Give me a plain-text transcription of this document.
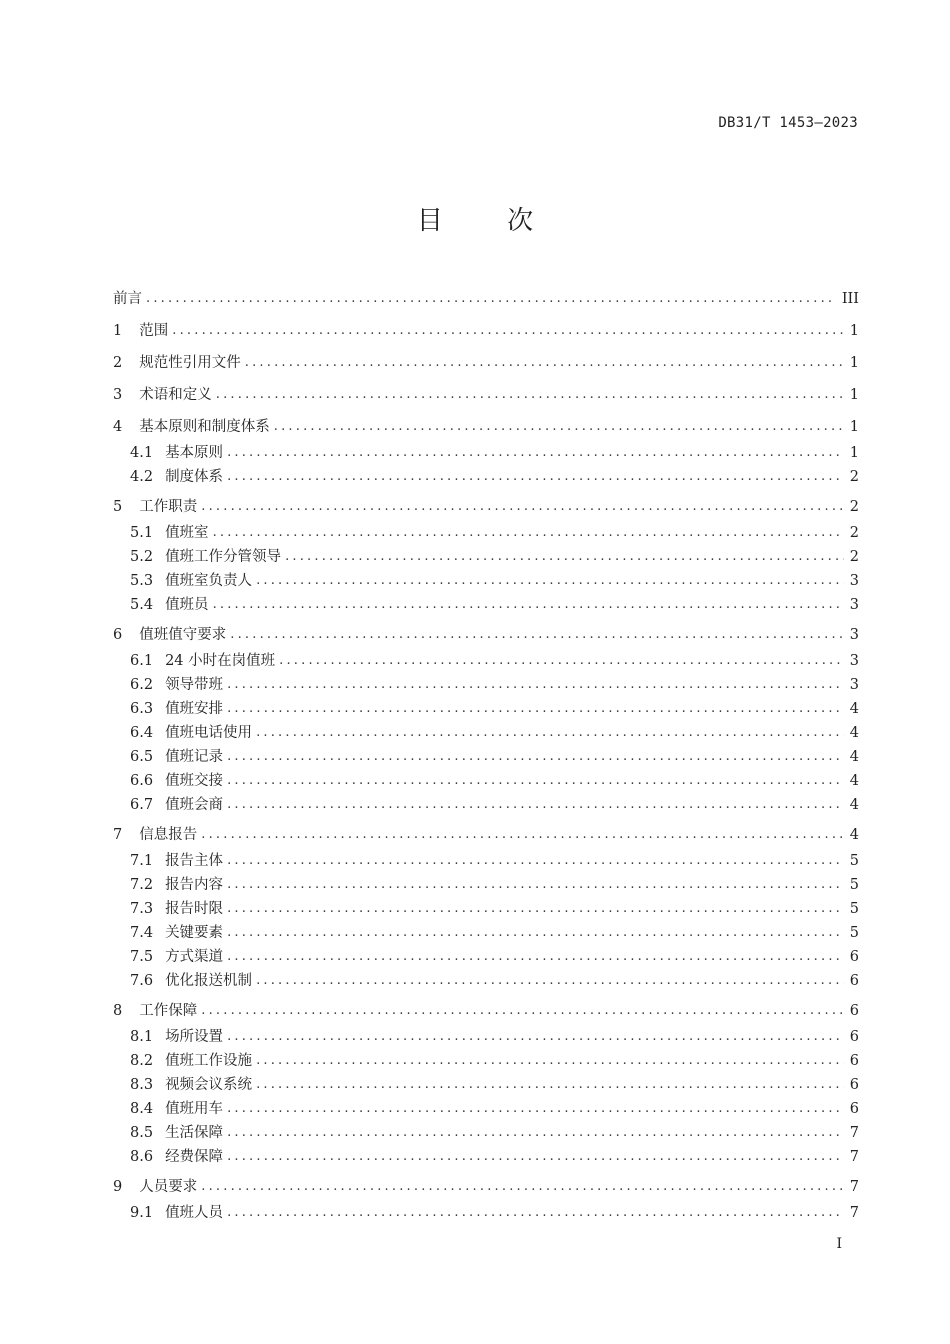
DB31/T 1453—2023
目 次
前言 .....	III
1 范围 .....	1
2 规范性引用文件 .....	1
3 术语和定义 .....	1
4 基本原则和制度体系 .....	1
4.1 基本原则 .....	1
4.2 制度体系 .....	2
5 工作职责 .....	2
5.1 值班室 .....	2
5.2 值班工作分管领导 .....	2
5.3 值班室负责人 .....	3
5.4 值班员 .....	3
6 值班值守要求 .....	3
6.1 24 小时在岗值班 .....	3
6.2 领导带班 .....	3
6.3 值班安排 .....	4
6.4 值班电话使用 .....	4
6.5 值班记录 .....	4
6.6 值班交接 .....	4
6.7 值班会商 .....	4
7 信息报告 .....	4
7.1 报告主体 .....	5
7.2 报告内容 .....	5
7.3 报告时限 .....	5
7.4 关键要素 .....	5
7.5 方式渠道 .....	6
7.6 优化报送机制 .....	6
8 工作保障 .....	6
8.1 场所设置 .....	6
8.2 值班工作设施 .....	6
8.3 视频会议系统 .....	6
8.4 值班用车 .....	6
8.5 生活保障 .....	7
8.6 经费保障 .....	7
9 人员要求 .....	7
9.1 值班人员 .....	7
I
